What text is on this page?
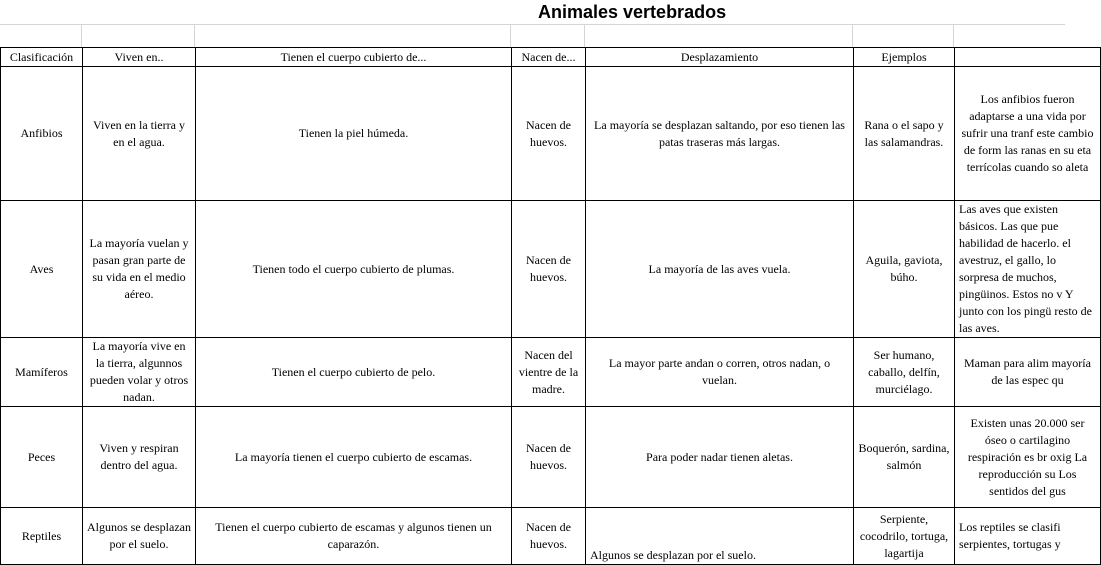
Animales vertebrados
Clasificación	Viven en..	Tienen el cuerpo cubierto de...	Nacen de...	Desplazamiento	Ejemplos	
Anfibios	Viven en la tierra y en el agua.	Tienen la piel húmeda.	Nacen de huevos.	La mayoría se desplazan saltando, por eso tienen las patas traseras más largas.	Rana o el sapo y las salamandras.	Los anfibios fueron adaptarse a una vida por sufrir una tranf este cambio de form las ranas en su eta terrícolas cuando so aleta
Aves	La mayoría vuelan y pasan gran parte de su vida en el medio aéreo.	Tienen todo el cuerpo cubierto de plumas.	Nacen de huevos.	La mayoría de las aves vuela.	Aguila, gaviota, búho.	Las aves que existen básicos. Las que pue habilidad de hacerlo. el avestruz, el gallo, lo sorpresa de muchos, pingüinos. Estos no v Y junto con los pingü resto de las aves.
Mamíferos	La mayoría vive en la tierra, algunnos pueden volar y otros nadan.	Tienen el cuerpo cubierto de pelo.	Nacen del vientre de la madre.	La mayor parte andan o corren, otros nadan, o vuelan.	Ser humano, caballo, delfín, murciélago.	Maman para alim mayoría de las espec qu
Peces	Viven y respiran dentro del agua.	La mayoría tienen el cuerpo cubierto de escamas.	Nacen de huevos.	Para poder nadar tienen aletas.	Boquerón, sardina, salmón	Existen unas 20.000 ser óseo o cartilagino respiración es br oxig La reproducción su Los sentidos del gus
Reptiles	Algunos se desplazan por el suelo.	Tienen el cuerpo cubierto de escamas y algunos tienen un caparazón.	Nacen de huevos.	Algunos se desplazan por el suelo.	Serpiente, cocodrilo, tortuga, lagartija	Los reptiles se clasifi serpientes, tortugas y
